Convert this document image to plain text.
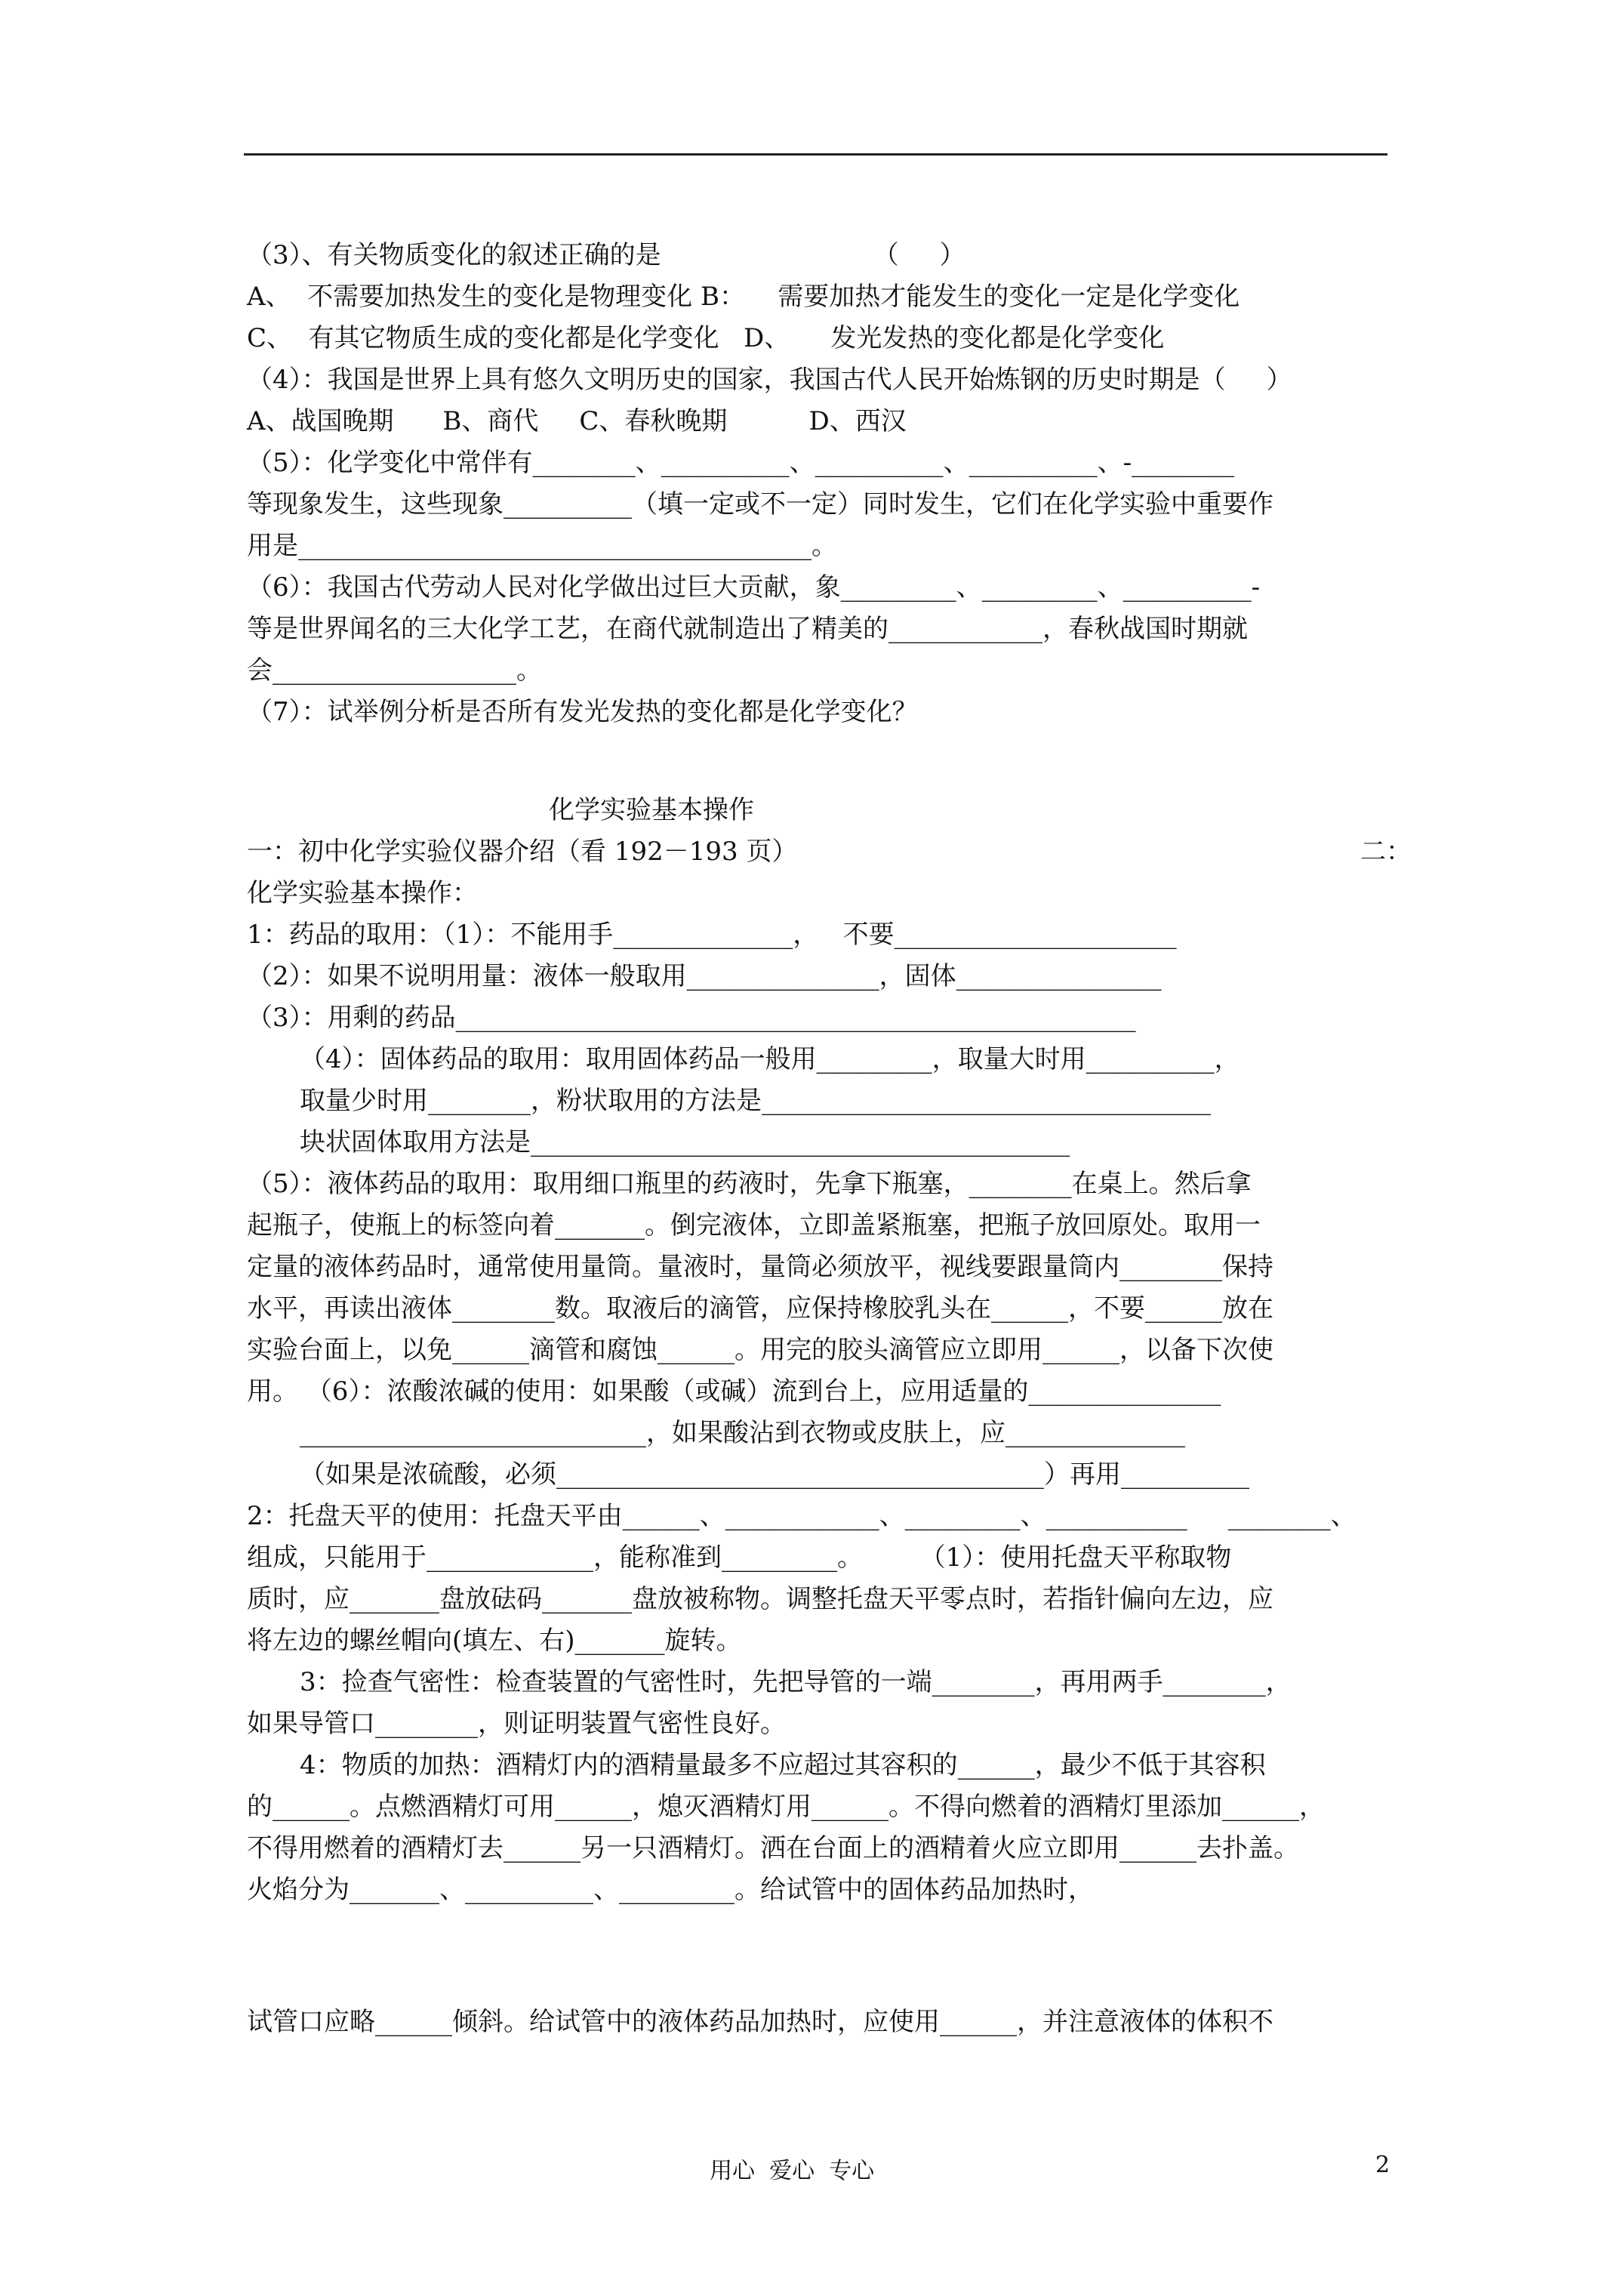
（3）、有关物质变化的叙述正确的是                          （     ）
A、  不需要加热发生的变化是物理变化 B：    需要加热才能发生的变化一定是化学变化
C、  有其它物质生成的变化都是化学变化   D、     发光发热的变化都是化学变化
（4）：我国是世界上具有悠久文明历史的国家，我国古代人民开始炼钢的历史时期是（     ）
A、战国晚期      B、商代     C、春秋晚期          D、西汉
（5）：化学变化中常伴有________、__________、__________、__________、-________
等现象发生，这些现象__________（填一定或不一定）同时发生，它们在化学实验中重要作
用是________________________________________。
（6）：我国古代劳动人民对化学做出过巨大贡献，象_________、_________、__________-
等是世界闻名的三大化学工艺，在商代就制造出了精美的____________，春秋战国时期就
会___________________。
（7）：试举例分析是否所有发光发热的变化都是化学变化？
化学实验基本操作
一：初中化学实验仪器介绍（看 192－193 页）	二：
化学实验基本操作：
1：药品的取用：（1）：不能用手______________，   不要______________________
（2）：如果不说明用量：液体一般取用_______________，固体________________
（3）：用剩的药品_____________________________________________________
（4）：固体药品的取用：取用固体药品一般用_________，取量大时用__________，
取量少时用________，粉状取用的方法是___________________________________
块状固体取用方法是__________________________________________
（5）：液体药品的取用：取用细口瓶里的药液时，先拿下瓶塞，________在桌上。然后拿
起瓶子，使瓶上的标签向着_______。倒完液体，立即盖紧瓶塞，把瓶子放回原处。取用一
定量的液体药品时，通常使用量筒。量液时，量筒必须放平，视线要跟量筒内________保持
水平，再读出液体________数。取液后的滴管，应保持橡胶乳头在______，不要______放在
实验台面上，以免______滴管和腐蚀______。用完的胶头滴管应立即用______，以备下次使
用。 （6）：浓酸浓碱的使用：如果酸（或碱）流到台上，应用适量的_______________
___________________________，如果酸沾到衣物或皮肤上，应______________
（如果是浓硫酸，必须______________________________________）再用__________
2：托盘天平的使用：托盘天平由______、____________、_________、___________     ________、
组成，只能用于_____________，能称准到_________。       （1）：使用托盘天平称取物
质时，应_______盘放砝码_______盘放被称物。调整托盘天平零点时，若指针偏向左边，应
将左边的螺丝帽向(填左、右)_______旋转。
3：捡查气密性：检查装置的气密性时，先把导管的一端________，再用两手________，
如果导管口________，则证明装置气密性良好。
4：物质的加热：酒精灯内的酒精量最多不应超过其容积的______，最少不低于其容积
的______。点燃酒精灯可用______，熄灭酒精灯用______。不得向燃着的酒精灯里添加______，
不得用燃着的酒精灯去______另一只酒精灯。洒在台面上的酒精着火应立即用______去扑盖。
火焰分为_______、__________、_________。给试管中的固体药品加热时，
试管口应略______倾斜。给试管中的液体药品加热时，应使用______，并注意液体的体积不
用心  爱心  专心	2
